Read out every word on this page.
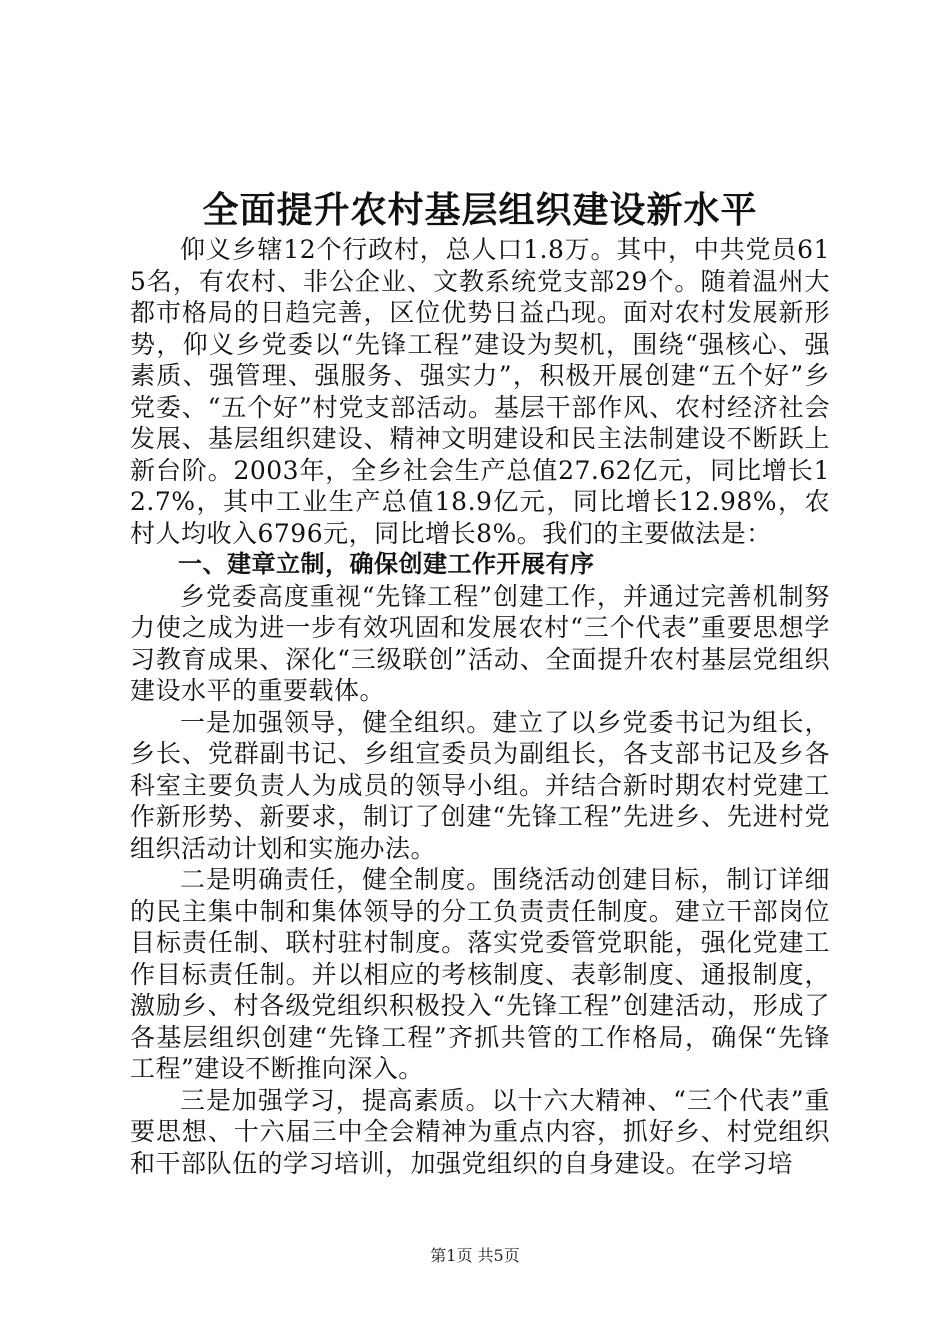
全面提升农村基层组织建设新水平

仰义乡辖12个行政村，总人口1.8万。其中，中共党员615名，有农村、非公企业、文教系统党支部29个。随着温州大都市格局的日趋完善，区位优势日益凸现。面对农村发展新形势，仰义乡党委以“先锋工程”建设为契机，围绕“强核心、强素质、强管理、强服务、强实力”，积极开展创建“五个好”乡党委、“五个好”村党支部活动。基层干部作风、农村经济社会发展、基层组织建设、精神文明建设和民主法制建设不断跃上新台阶。2003年，全乡社会生产总值27.62亿元，同比增长12.7%，其中工业生产总值18.9亿元，同比增长12.98%，农村人均收入6796元，同比增长8%。我们的主要做法是：

一、建章立制，确保创建工作开展有序

乡党委高度重视“先锋工程”创建工作，并通过完善机制努力使之成为进一步有效巩固和发展农村“三个代表”重要思想学习教育成果、深化“三级联创”活动、全面提升农村基层党组织建设水平的重要载体。

一是加强领导，健全组织。建立了以乡党委书记为组长，乡长、党群副书记、乡组宣委员为副组长，各支部书记及乡各科室主要负责人为成员的领导小组。并结合新时期农村党建工作新形势、新要求，制订了创建“先锋工程”先进乡、先进村党组织活动计划和实施办法。

二是明确责任，健全制度。围绕活动创建目标，制订详细的民主集中制和集体领导的分工负责责任制度。建立干部岗位目标责任制、联村驻村制度。落实党委管党职能，强化党建工作目标责任制。并以相应的考核制度、表彰制度、通报制度，激励乡、村各级党组织积极投入“先锋工程”创建活动，形成了各基层组织创建“先锋工程”齐抓共管的工作格局，确保“先锋工程”建设不断推向深入。

三是加强学习，提高素质。以十六大精神、“三个代表”重要思想、十六届三中全会精神为重点内容，抓好乡、村党组织和干部队伍的学习培训，加强党组织的自身建设。在学习培

第1页 共5页
